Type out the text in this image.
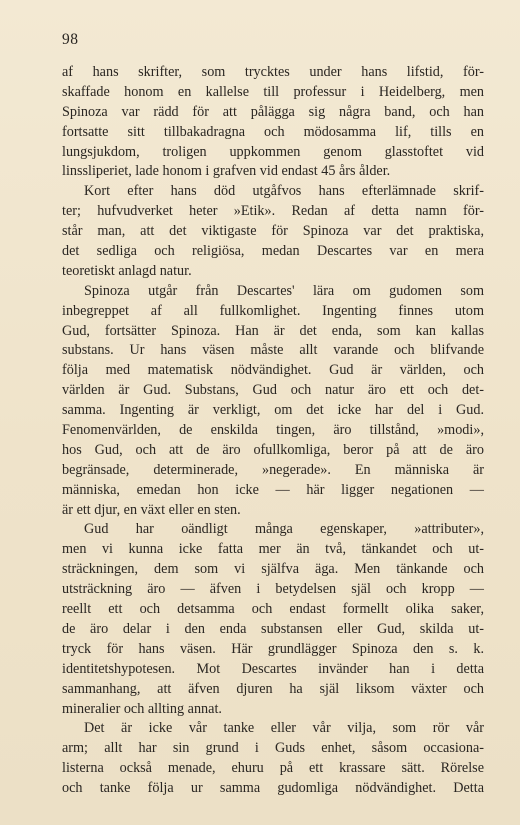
98
af hans skrifter, som trycktes under hans lifstid, för-
skaffade honom en kallelse till professur i Heidelberg, men
Spinoza var rädd för att pålägga sig några band, och han
fortsatte sitt tillbakadragna och mödosamma lif, tills en
lungsjukdom, troligen uppkommen genom glasstoftet vid
linssliperiet, lade honom i grafven vid endast 45 års ålder.
Kort efter hans död utgåfvos hans efterlämnade skrif-
ter; hufvudverket heter »Etik». Redan af detta namn för-
står man, att det viktigaste för Spinoza var det praktiska,
det sedliga och religiösa, medan Descartes var en mera
teoretiskt anlagd natur.
Spinoza utgår från Descartes' lära om gudomen som
inbegreppet af all fullkomlighet. Ingenting finnes utom
Gud, fortsätter Spinoza. Han är det enda, som kan kallas
substans. Ur hans väsen måste allt varande och blifvande
följa med matematisk nödvändighet. Gud är världen, och
världen är Gud. Substans, Gud och natur äro ett och det-
samma. Ingenting är verkligt, om det icke har del i Gud.
Fenomenvärlden, de enskilda tingen, äro tillstånd, »modi»,
hos Gud, och att de äro ofullkomliga, beror på att de äro
begränsade, determinerade, »negerade». En människa är
människa, emedan hon icke — här ligger negationen —
är ett djur, en växt eller en sten.
Gud har oändligt många egenskaper, »attributer»,
men vi kunna icke fatta mer än två, tänkandet och ut-
sträckningen, dem som vi själfva äga. Men tänkande och
utsträckning äro — äfven i betydelsen själ och kropp —
reellt ett och detsamma och endast formellt olika saker,
de äro delar i den enda substansen eller Gud, skilda ut-
tryck för hans väsen. Här grundlägger Spinoza den s. k.
identitetshypotesen. Mot Descartes invänder han i detta
sammanhang, att äfven djuren ha själ liksom växter och
mineralier och allting annat.
Det är icke vår tanke eller vår vilja, som rör vår
arm; allt har sin grund i Guds enhet, såsom occasiona-
listerna också menade, ehuru på ett krassare sätt. Rörelse
och tanke följa ur samma gudomliga nödvändighet. Detta
